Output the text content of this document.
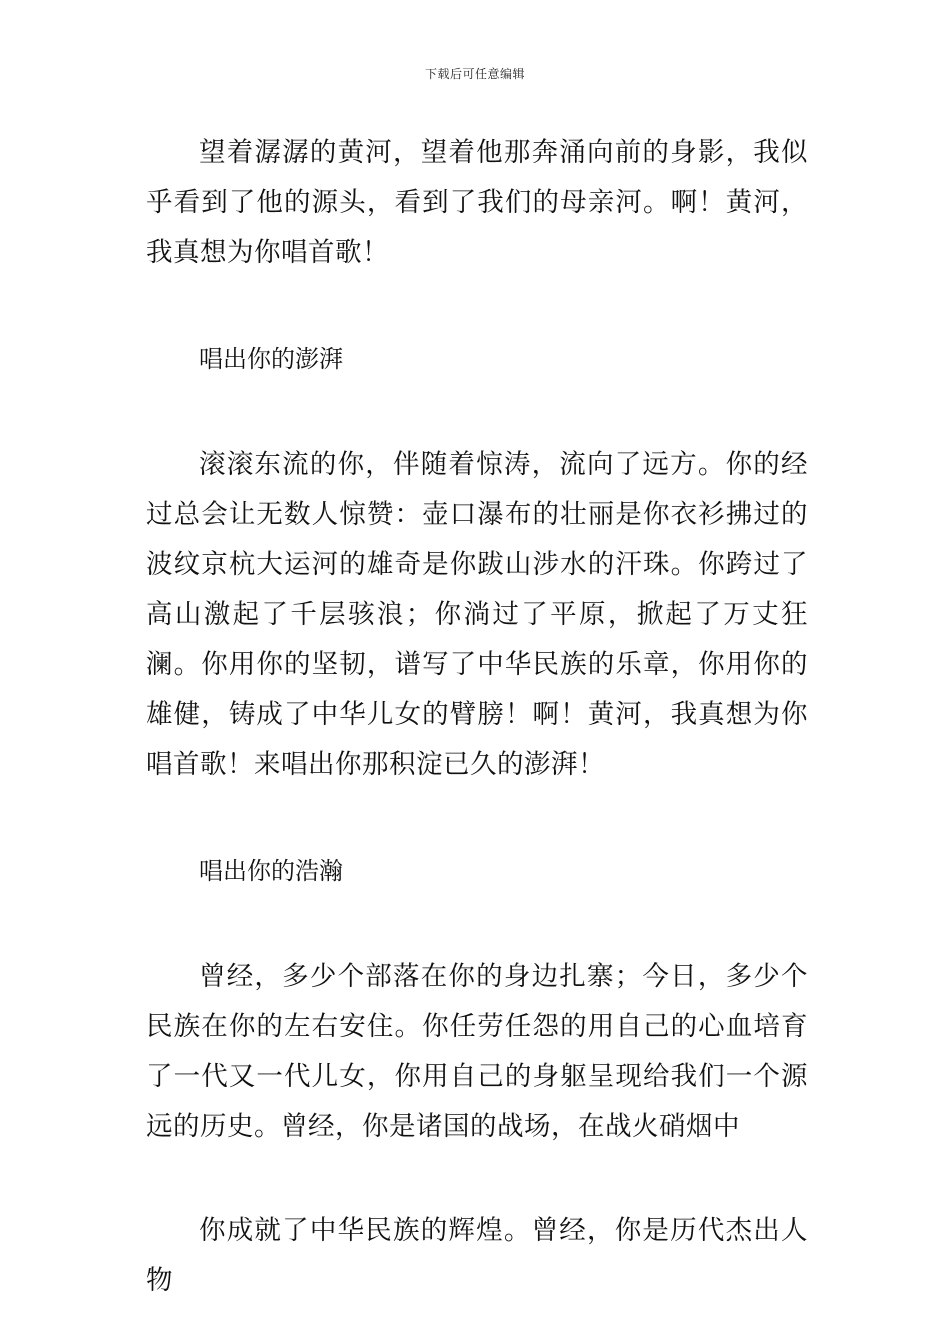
下载后可任意编辑

望着潺潺的黄河，望着他那奔涌向前的身影，我似乎看到了他的源头，看到了我们的母亲河。啊！黄河，我真想为你唱首歌！

唱出你的澎湃

滚滚东流的你，伴随着惊涛，流向了远方。你的经过总会让无数人惊赞：壶口瀑布的壮丽是你衣衫拂过的波纹京杭大运河的雄奇是你跋山涉水的汗珠。你跨过了高山激起了千层骇浪；你淌过了平原，掀起了万丈狂澜。你用你的坚韧，谱写了中华民族的乐章，你用你的雄健，铸成了中华儿女的臂膀！啊！黄河，我真想为你唱首歌！来唱出你那积淀已久的澎湃！

唱出你的浩瀚

曾经，多少个部落在你的身边扎寨；今日，多少个民族在你的左右安住。你任劳任怨的用自己的心血培育了一代又一代儿女，你用自己的身躯呈现给我们一个源远的历史。曾经，你是诸国的战场，在战火硝烟中

你成就了中华民族的辉煌。曾经，你是历代杰出人物
